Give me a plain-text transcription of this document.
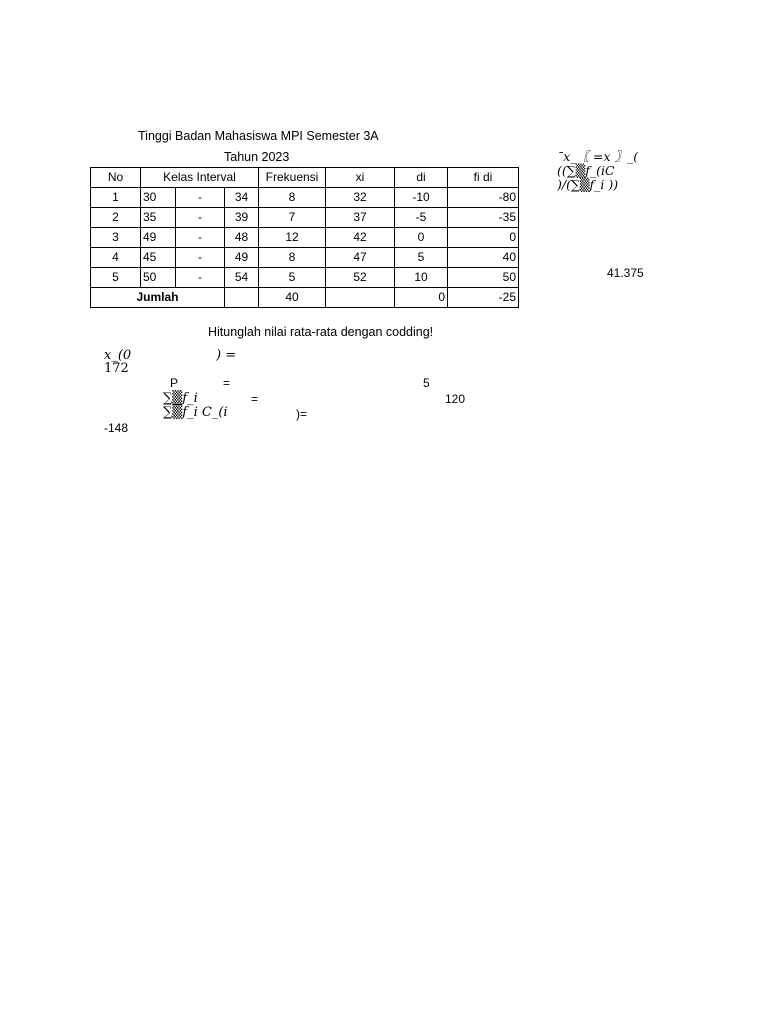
Tinggi Badan Mahasiswa MPI Semester 3A
Tahun 2023
No	Kelas Interval			Frekuensi	xi	di	fi di
1	30	-	34	8	32	-10	-80
2	35	-	39	7	37	-5	-35
3	49	-	48	12	42	0	0
4	45	-	49	8	47	5	40
5	50	-	54	5	52	10	50
Jumlah				40		0	-25
¯x_〖 =x 〗_(
((∑▒f_(iC
)/(∑▒f_i ))
41.375
Hitunglah nilai rata-rata dengan codding!
x_(0	) =
172
P	=	5
∑▒f_i	=	120
∑▒f_i C_(i	)=
-148
